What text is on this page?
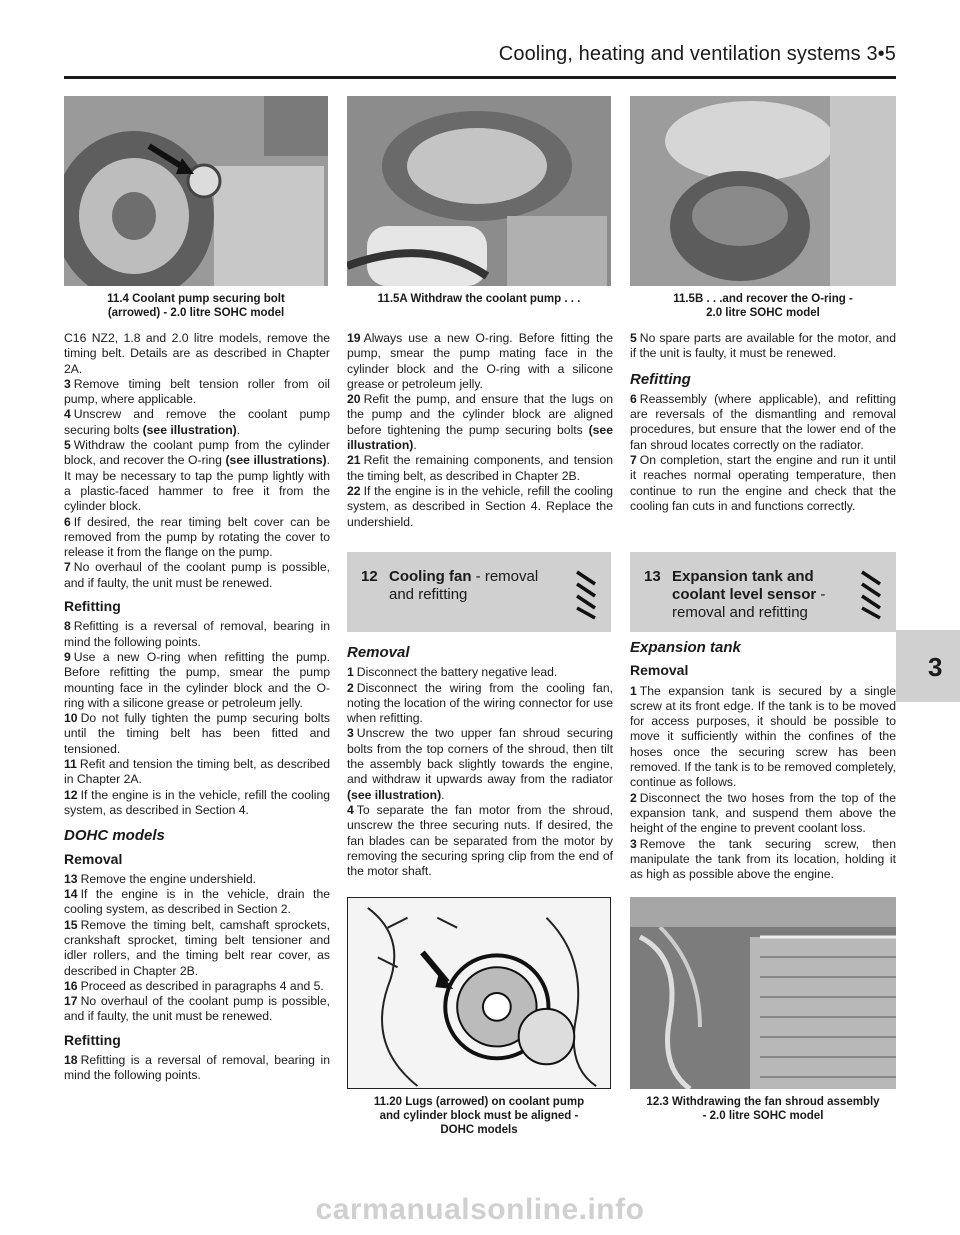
Cooling, heating and ventilation systems 3•5
11.4 Coolant pump securing bolt
(arrowed) - 2.0 litre SOHC model
11.5A Withdraw the coolant pump . . .	11.5B . . .and recover the O-ring -
2.0 litre SOHC model

C16 NZ2, 1.8 and 2.0 litre models, remove the timing belt. Details are as described in Chapter 2A.

3 Remove timing belt tension roller from oil pump, where applicable.

4 Unscrew and remove the coolant pump securing bolts (see illustration).

5 Withdraw the coolant pump from the cylinder block, and recover the O-ring (see illustrations). It may be necessary to tap the pump lightly with a plastic-faced hammer to free it from the cylinder block.

6 If desired, the rear timing belt cover can be removed from the pump by rotating the cover to release it from the flange on the pump.

7 No overhaul of the coolant pump is possible, and if faulty, the unit must be renewed.

Refitting

8 Refitting is a reversal of removal, bearing in mind the following points.

9 Use a new O-ring when refitting the pump. Before refitting the pump, smear the pump mounting face in the cylinder block and the O-ring with a silicone grease or petroleum jelly.

10 Do not fully tighten the pump securing bolts until the timing belt has been fitted and tensioned.

11 Refit and tension the timing belt, as described in Chapter 2A.

12 If the engine is in the vehicle, refill the cooling system, as described in Section 4.

DOHC models
Removal

13 Remove the engine undershield.

14 If the engine is in the vehicle, drain the cooling system, as described in Section 2.

15 Remove the timing belt, camshaft sprockets, crankshaft sprocket, timing belt tensioner and idler rollers, and the timing belt rear cover, as described in Chapter 2B.

16 Proceed as described in paragraphs 4 and 5.

17 No overhaul of the coolant pump is possible, and if faulty, the unit must be renewed.

Refitting

18 Refitting is a reversal of removal, bearing in mind the following points.

19 Always use a new O-ring. Before fitting the pump, smear the pump mating face in the cylinder block and the O-ring with a silicone grease or petroleum jelly.

20 Refit the pump, and ensure that the lugs on the pump and the cylinder block are aligned before tightening the pump securing bolts (see illustration).

21 Refit the remaining components, and tension the timing belt, as described in Chapter 2B.

22 If the engine is in the vehicle, refill the cooling system, as described in Section 4. Replace the undershield.

12 Cooling fan - removal and refitting
Removal

1 Disconnect the battery negative lead.

2 Disconnect the wiring from the cooling fan, noting the location of the wiring connector for use when refitting.

3 Unscrew the two upper fan shroud securing bolts from the top corners of the shroud, then tilt the assembly back slightly towards the engine, and withdraw it upwards away from the radiator (see illustration).

4 To separate the fan motor from the shroud, unscrew the three securing nuts. If desired, the fan blades can be separated from the motor by removing the securing spring clip from the end of the motor shaft.

5 No spare parts are available for the motor, and if the unit is faulty, it must be renewed.

Refitting

6 Reassembly (where applicable), and refitting are reversals of the dismantling and removal procedures, but ensure that the lower end of the fan shroud locates correctly on the radiator.

7 On completion, start the engine and run it until it reaches normal operating temperature, then continue to run the engine and check that the cooling fan cuts in and functions correctly.

13 Expansion tank and coolant level sensor - removal and refitting
Expansion tank
Removal

1 The expansion tank is secured by a single screw at its front edge. If the tank is to be moved for access purposes, it should be possible to move it sufficiently within the confines of the hoses once the securing screw has been removed. If the tank is to be removed completely, continue as follows.

2 Disconnect the two hoses from the top of the expansion tank, and suspend them above the height of the engine to prevent coolant loss.

3 Remove the tank securing screw, then manipulate the tank from its location, holding it as high as possible above the engine.

11.20 Lugs (arrowed) on coolant pump
and cylinder block must be aligned -
DOHC models
12.3 Withdrawing the fan shroud assembly
- 2.0 litre SOHC model
3
carmanualsonline.info
